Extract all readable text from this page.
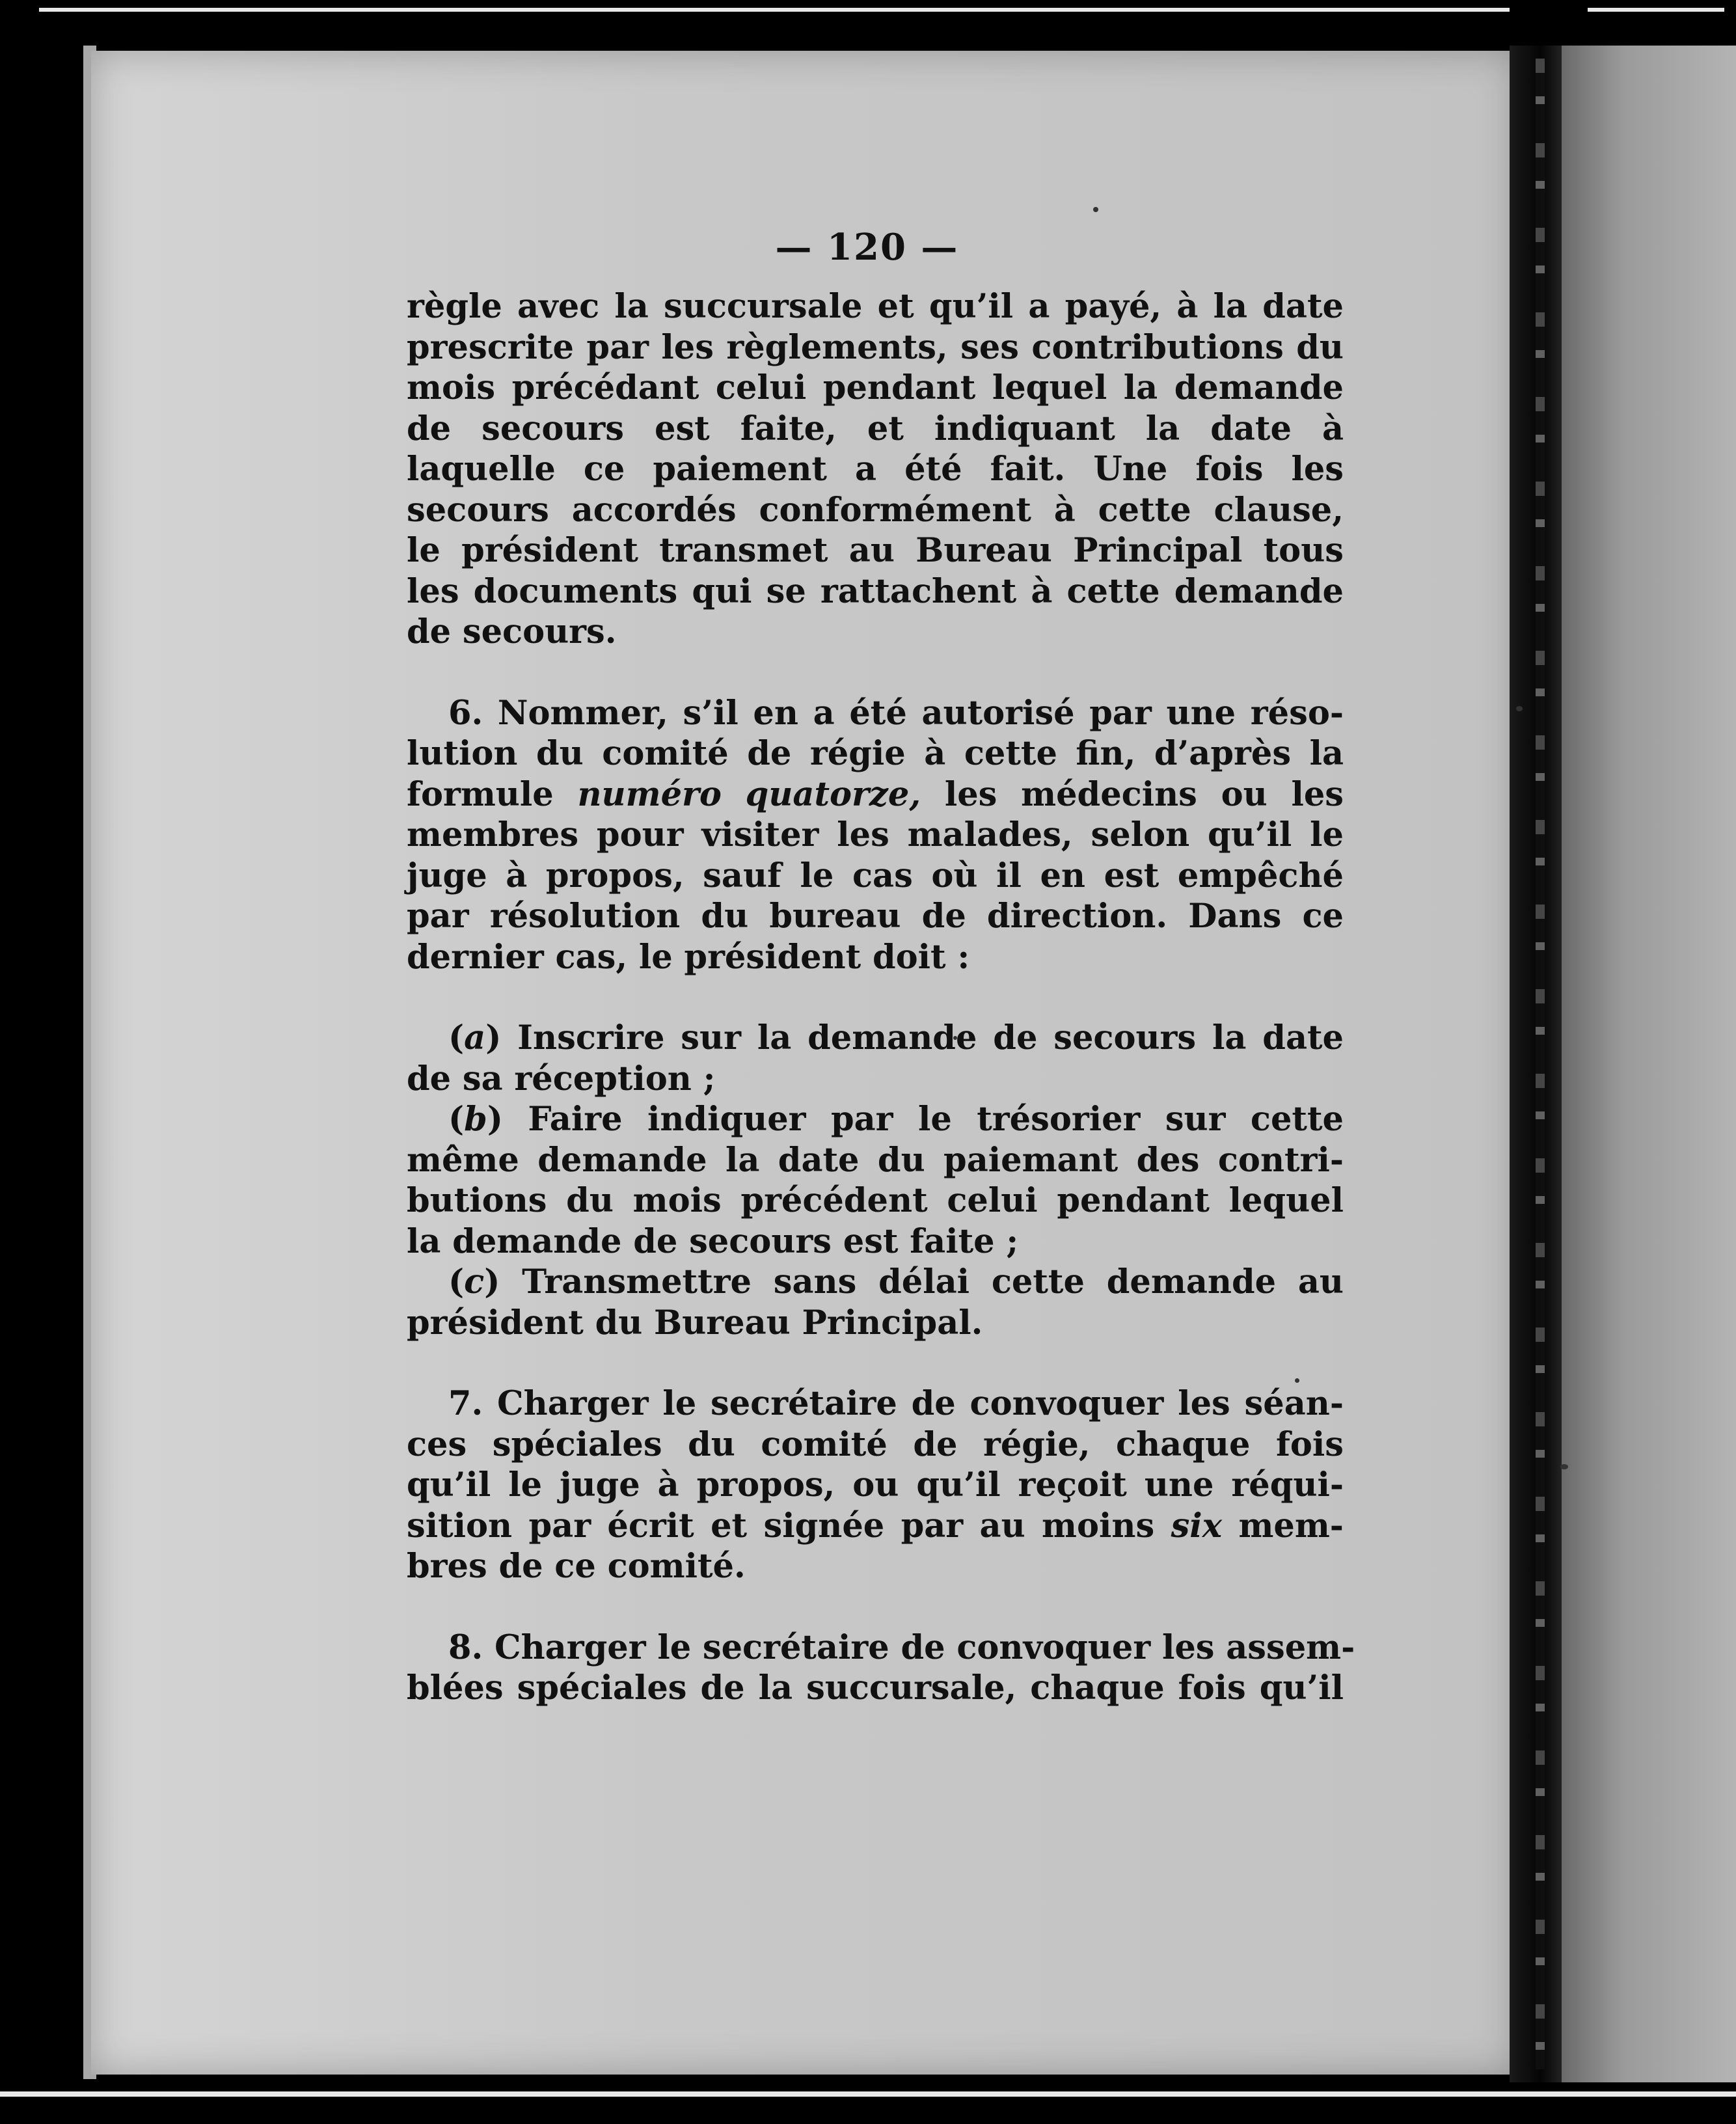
— 120 —
règle avec la succursale et qu’il a payé, à la date
prescrite par les règlements, ses contributions du
mois précédant celui pendant lequel la demande
de secours est faite, et indiquant la date à
laquelle ce paiement a été fait. Une fois les
secours accordés conformément à cette clause,
le président transmet au Bureau Principal tous
les documents qui se rattachent à cette demande
de secours.
6. Nommer, s’il en a été autorisé par une réso-
lution du comité de régie à cette fin, d’après la
formule numéro quatorze, les médecins ou les
membres pour visiter les malades, selon qu’il le
juge à propos, sauf le cas où il en est empêché
par résolution du bureau de direction. Dans ce
dernier cas, le président doit :
(a) Inscrire sur la demande de secours la date
de sa réception ;
(b) Faire indiquer par le trésorier sur cette
même demande la date du paiemant des contri-
butions du mois précédent celui pendant lequel
la demande de secours est faite ;
(c) Transmettre sans délai cette demande au
président du Bureau Principal.
7. Charger le secrétaire de convoquer les séan-
ces spéciales du comité de régie, chaque fois
qu’il le juge à propos, ou qu’il reçoit une réqui-
sition par écrit et signée par au moins six mem-
bres de ce comité.
8. Charger le secrétaire de convoquer les assem-
blées spéciales de la succursale, chaque fois qu’il
